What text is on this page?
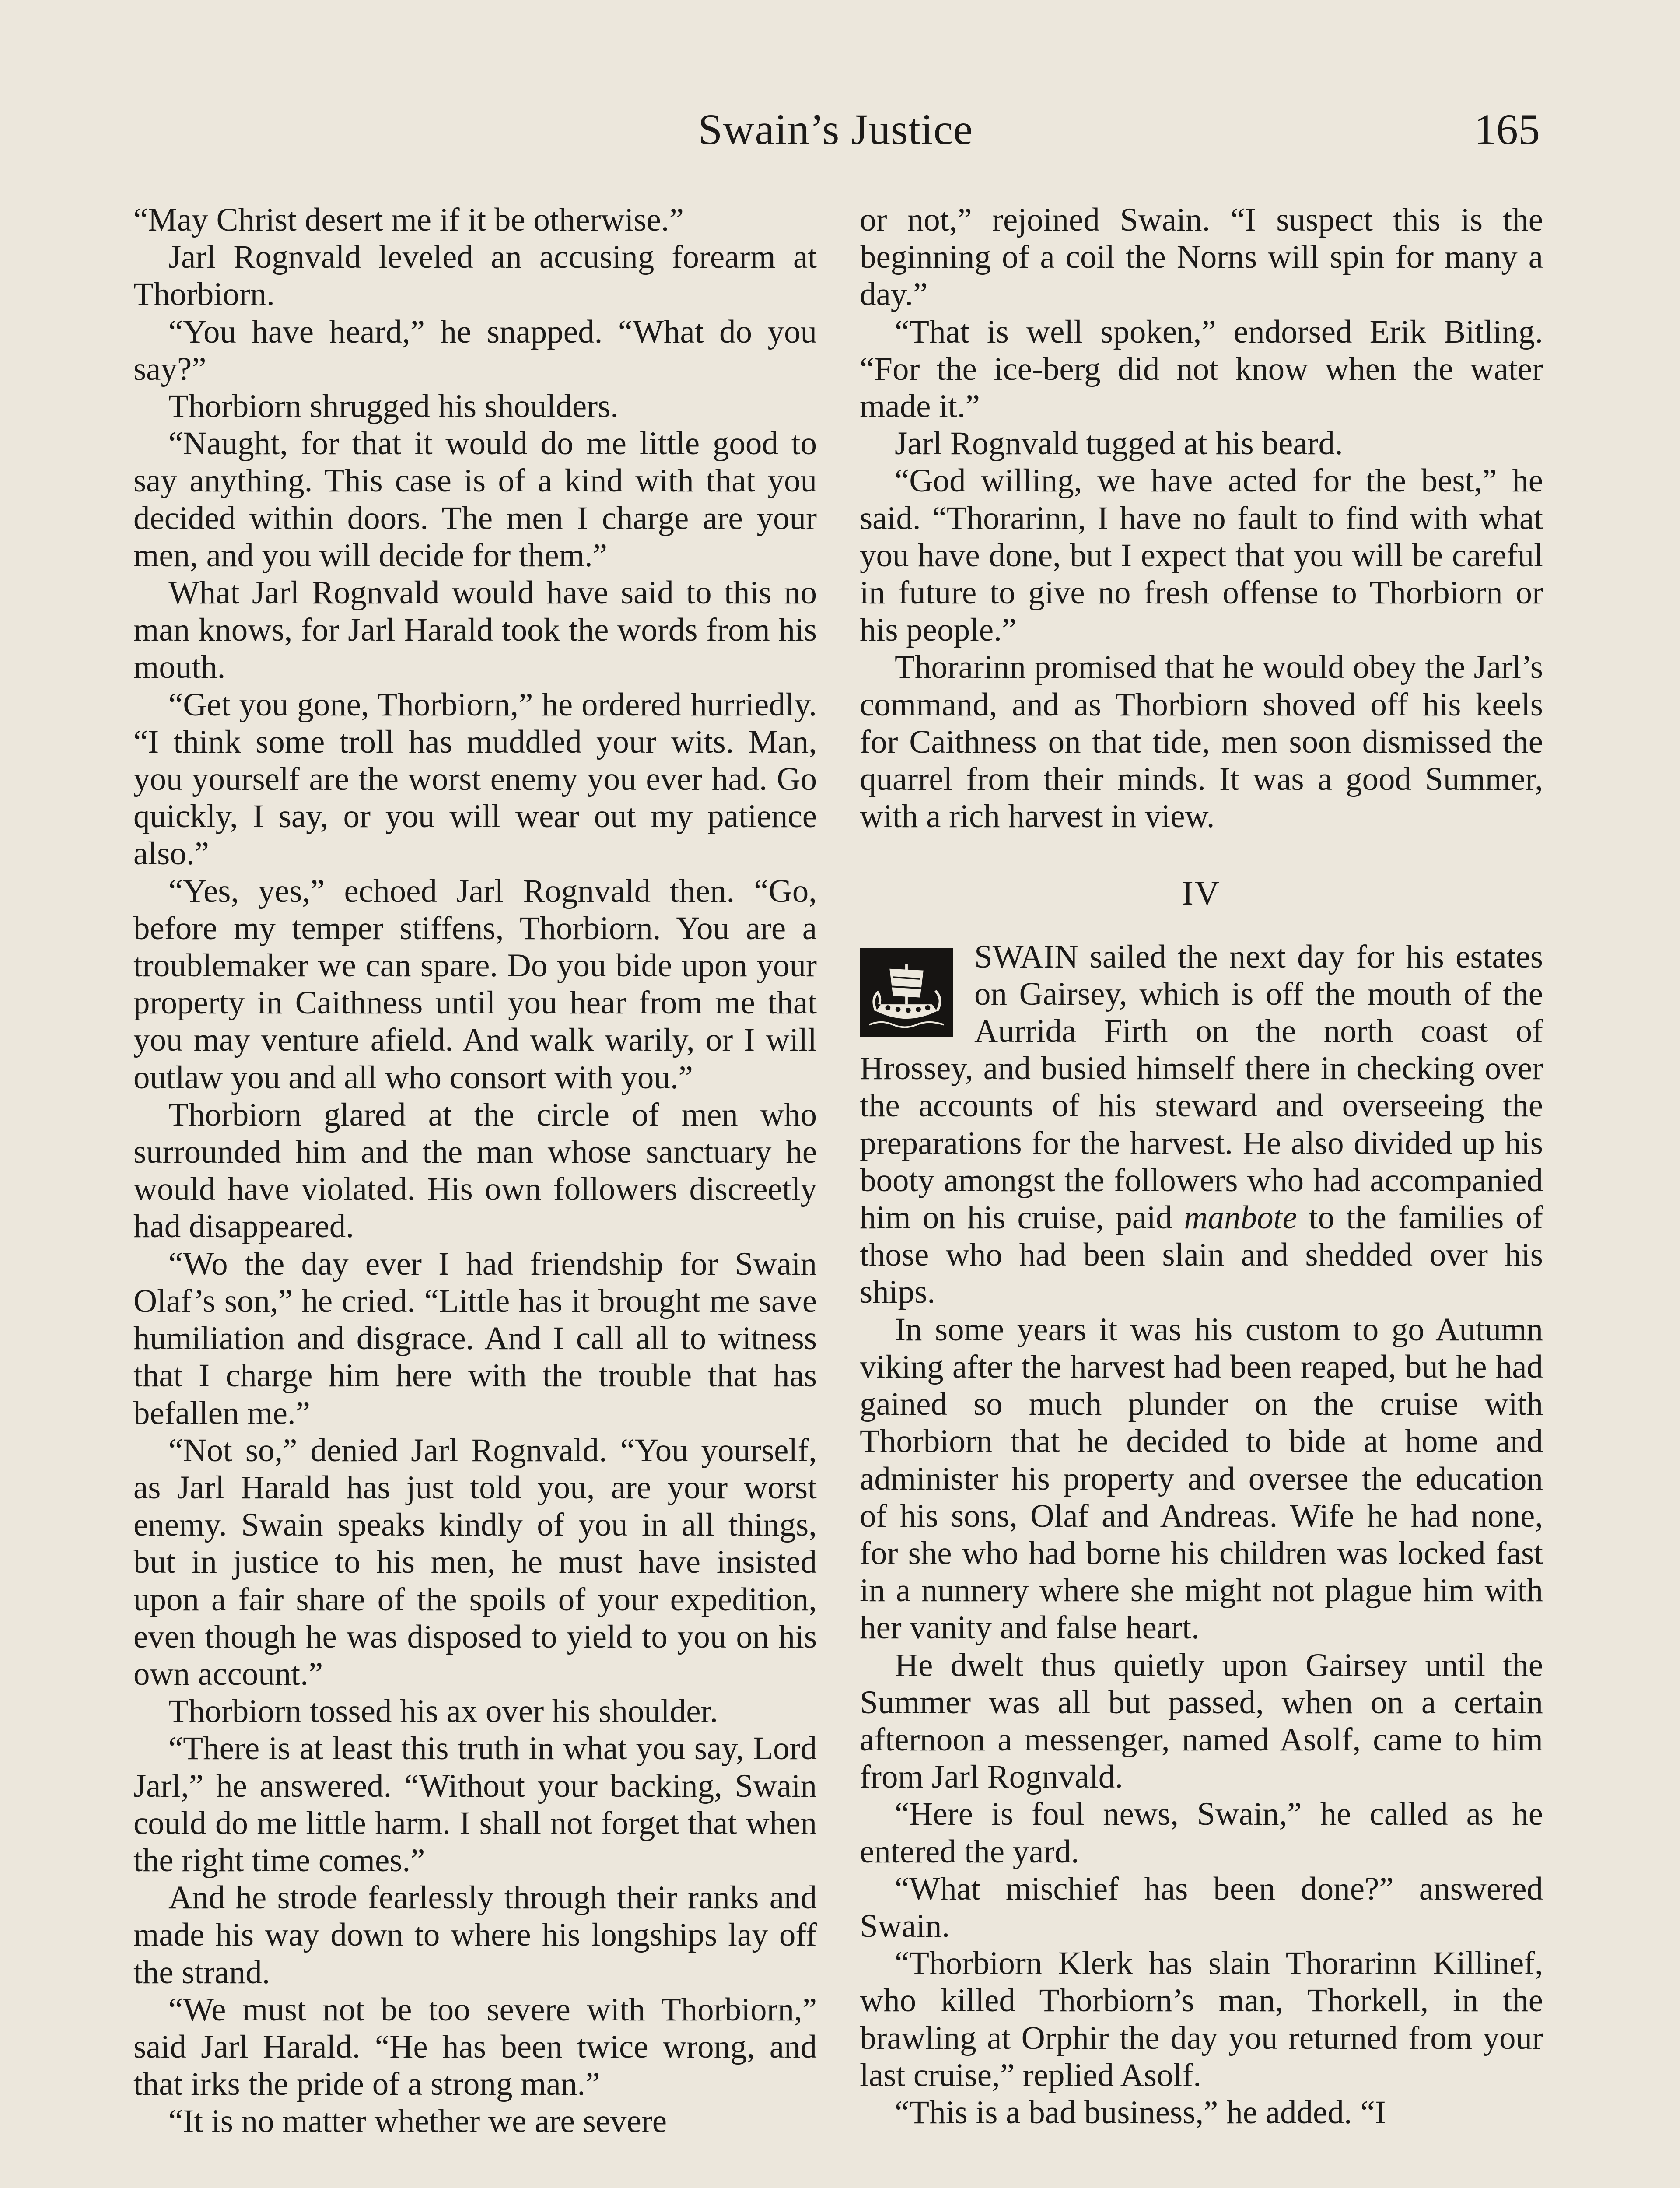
Swain’s Justice	165

“May Christ desert me if it be otherwise.”

Jarl Rognvald leveled an accusing forearm at Thorbiorn.

“You have heard,” he snapped. “What do you say?”

Thorbiorn shrugged his shoulders.

“Naught, for that it would do me little good to say anything. This case is of a kind with that you decided within doors. The men I charge are your men, and you will decide for them.”

What Jarl Rognvald would have said to this no man knows, for Jarl Harald took the words from his mouth.

“Get you gone, Thorbiorn,” he ordered hurriedly. “I think some troll has muddled your wits. Man, you yourself are the worst enemy you ever had. Go quickly, I say, or you will wear out my patience also.”

“Yes, yes,” echoed Jarl Rognvald then. “Go, before my temper stiffens, Thorbiorn. You are a troublemaker we can spare. Do you bide upon your property in Caithness until you hear from me that you may venture afield. And walk warily, or I will outlaw you and all who consort with you.”

Thorbiorn glared at the circle of men who surrounded him and the man whose sanctuary he would have violated. His own followers discreetly had disappeared.

“Wo the day ever I had friendship for Swain Olaf’s son,” he cried. “Little has it brought me save humiliation and disgrace. And I call all to witness that I charge him here with the trouble that has befallen me.”

“Not so,” denied Jarl Rognvald. “You yourself, as Jarl Harald has just told you, are your worst enemy. Swain speaks kindly of you in all things, but in justice to his men, he must have insisted upon a fair share of the spoils of your expedition, even though he was disposed to yield to you on his own account.”

Thorbiorn tossed his ax over his shoulder.

“There is at least this truth in what you say, Lord Jarl,” he answered. “Without your backing, Swain could do me little harm. I shall not forget that when the right time comes.”

And he strode fearlessly through their ranks and made his way down to where his longships lay off the strand.

“We must not be too severe with Thorbiorn,” said Jarl Harald. “He has been twice wrong, and that irks the pride of a strong man.”

“It is no matter whether we are severe

or not,” rejoined Swain. “I suspect this is the beginning of a coil the Norns will spin for many a day.”

“That is well spoken,” endorsed Erik Bitling. “For the ice-berg did not know when the water made it.”

Jarl Rognvald tugged at his beard.

“God willing, we have acted for the best,” he said. “Thorarinn, I have no fault to find with what you have done, but I expect that you will be careful in future to give no fresh offense to Thorbiorn or his people.”

Thorarinn promised that he would obey the Jarl’s command, and as Thorbiorn shoved off his keels for Caithness on that tide, men soon dismissed the quarrel from their minds. It was a good Summer, with a rich harvest in view.

IV

SWAIN sailed the next day for his estates on Gairsey, which is off the mouth of the Aurrida Firth on the north coast of Hrossey, and busied himself there in checking over the accounts of his steward and overseeing the preparations for the harvest. He also divided up his booty amongst the followers who had accompanied him on his cruise, paid manbote to the families of those who had been slain and shedded over his ships.

In some years it was his custom to go Autumn viking after the harvest had been reaped, but he had gained so much plunder on the cruise with Thorbiorn that he decided to bide at home and administer his property and oversee the education of his sons, Olaf and Andreas. Wife he had none, for she who had borne his children was locked fast in a nunnery where she might not plague him with her vanity and false heart.

He dwelt thus quietly upon Gairsey until the Summer was all but passed, when on a certain afternoon a messenger, named Asolf, came to him from Jarl Rognvald.

“Here is foul news, Swain,” he called as he entered the yard.

“What mischief has been done?” answered Swain.

“Thorbiorn Klerk has slain Thorarinn Killinef, who killed Thorbiorn’s man, Thorkell, in the brawling at Orphir the day you returned from your last cruise,” replied Asolf.

“This is a bad business,” he added. “I
